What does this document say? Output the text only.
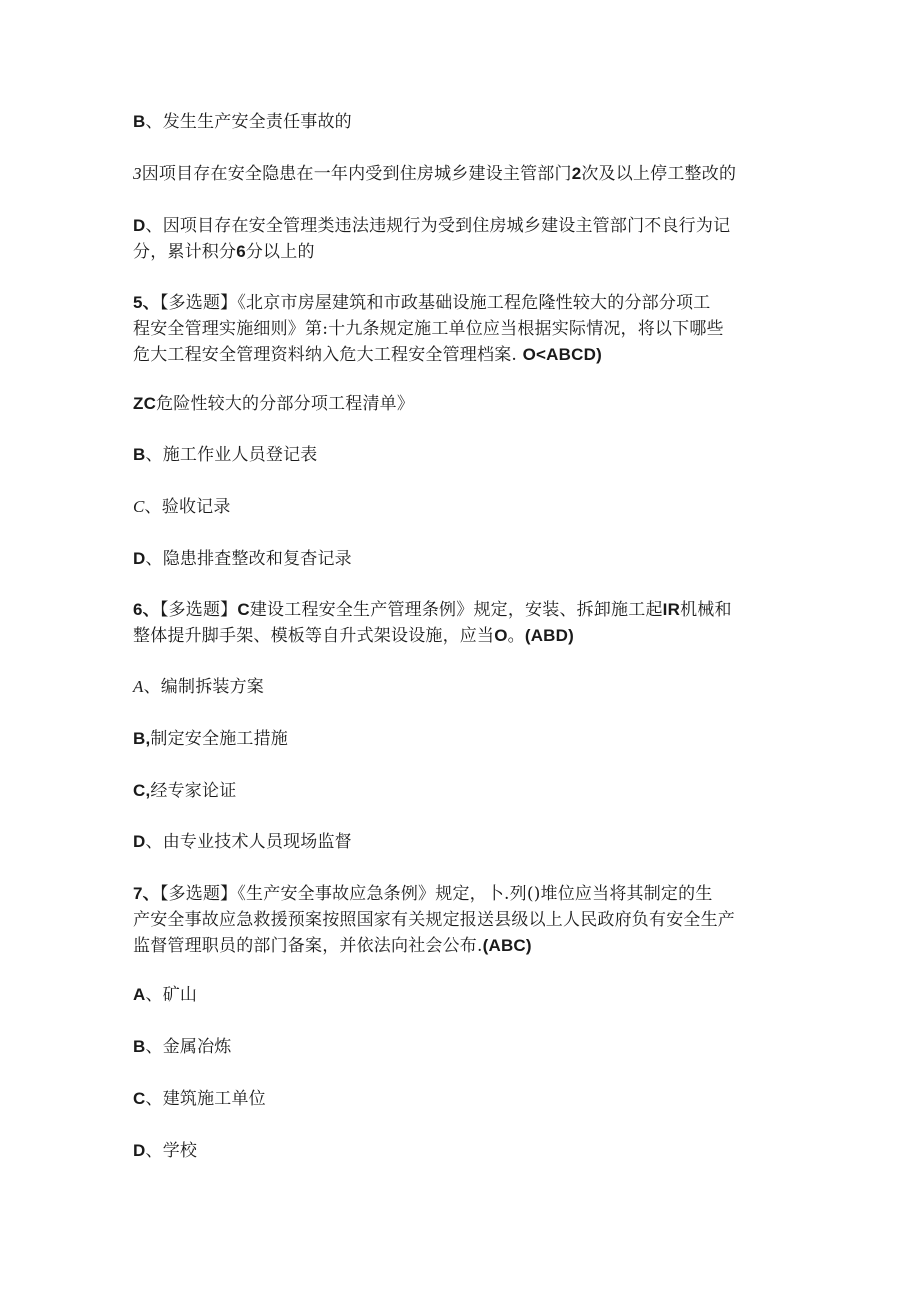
B、发生生产安全责任事故的
3因项目存在安全隐患在一年内受到住房城乡建设主管部门2次及以上停工整改的
D、因项目存在安全管理类违法违规行为受到住房城乡建设主管部门不良行为记
分，累计积分6分以上的
5、【多选题】《北京市房屋建筑和市政基础设施工程危隆性较大的分部分项工
程安全管理实施细则》第:十九条规定施工单位应当根据实际情况，将以下哪些
危大工程安全管理资料纳入危大工程安全管理档案. O<ABCD)
ZC危险性较大的分部分项工程清单》
B、施工作业人员登记表
C、验收记录
D、隐患排査整改和复杳记录
6、【多选题】C建设工程安全生产管理条例》规定，安装、拆卸施工起IR机械和
整体提升脚手架、模板等自升式架设设施，应当O。(ABD)
A、编制拆装方案
B,制定安全施工措施
C,经专家论证
D、由专业技术人员现场监督
7、【多选题】《生产安全事故应急条例》规定，卜.列()堆位应当将其制定的生
产安全事故应急救援预案按照国家有关规定报送县级以上人民政府负有安全生产
监督管理职员的部门备案，并依法向社会公布.(ABC)
A、矿山
B、金属冶炼
C、建筑施工单位
D、学校
